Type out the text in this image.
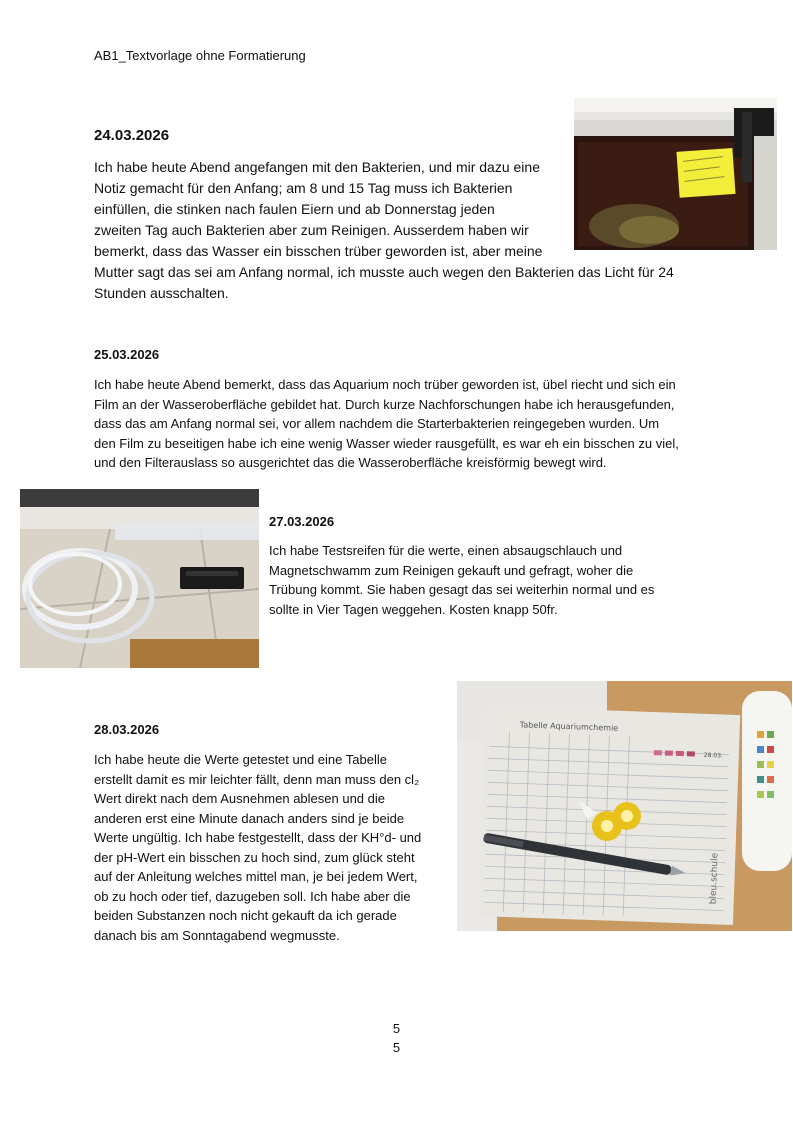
AB1_Textvorlage ohne Formatierung
24.03.2026

Ich habe heute Abend angefangen mit den Bakterien, und mir dazu eine

Notiz gemacht für den Anfang; am 8 und 15 Tag muss ich Bakterien

einfüllen, die stinken nach faulen Eiern und ab Donnerstag jeden

zweiten Tag auch Bakterien aber zum Reinigen. Ausserdem haben wir

bemerkt, dass das Wasser ein bisschen trüber geworden ist, aber meine

Mutter sagt das sei am Anfang normal, ich musste auch wegen den Bakterien das Licht für 24

Stunden ausschalten.

25.03.2026

Ich habe heute Abend bemerkt, dass das Aquarium noch trüber geworden ist, übel riecht und sich ein

Film an der Wasseroberfläche gebildet hat. Durch kurze Nachforschungen habe ich herausgefunden,

dass das am Anfang normal sei, vor allem nachdem die Starterbakterien reingegeben wurden. Um

den Film zu beseitigen habe ich eine wenig Wasser wieder rausgefüllt, es war eh ein bisschen zu viel,

und den Filterauslass so ausgerichtet das die Wasseroberfläche kreisförmig bewegt wird.

27.03.2026

Ich habe Testsreifen für die werte, einen absaugschlauch und

Magnetschwamm zum Reinigen gekauft und gefragt, woher die

Trübung kommt. Sie haben gesagt das sei weiterhin normal und es

sollte in Vier Tagen weggehen. Kosten knapp 50fr.

Tabelle Aquariumchemie
28.03.
bleu.schule
28.03.2026

Ich habe heute die Werte getestet und eine Tabelle

erstellt damit es mir leichter fällt, denn man muss den cl₂

Wert direkt nach dem Ausnehmen ablesen und die

anderen erst eine Minute danach anders sind je beide

Werte ungültig. Ich habe festgestellt, dass der KH°d- und

der pH-Wert ein bisschen zu hoch sind, zum glück steht

auf der Anleitung welches mittel man, je bei jedem Wert,

ob zu hoch oder tief, dazugeben soll. Ich habe aber die

beiden Substanzen noch nicht gekauft da ich gerade

danach bis am Sonntagabend wegmusste.

5
5
